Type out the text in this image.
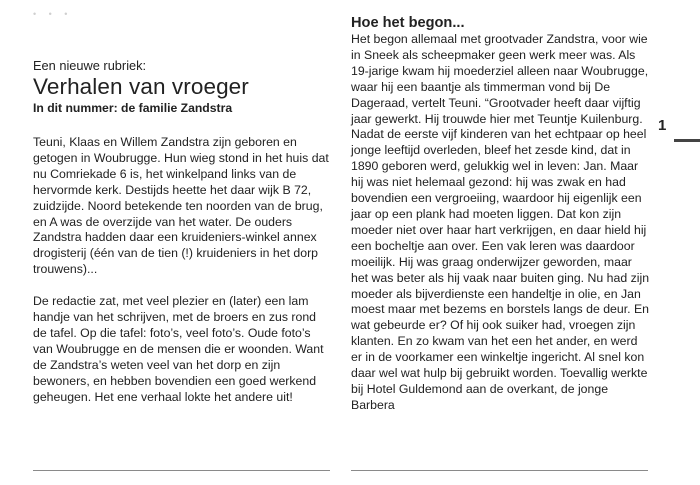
• • •
Een nieuwe rubriek:
Verhalen van vroeger
In dit nummer: de familie Zandstra

Teuni, Klaas en Willem Zandstra zijn geboren en getogen in Woubrugge. Hun wieg stond in het huis dat nu Comriekade 6 is, het winkelpand links van de hervormde kerk. Destijds heette het daar wijk B 72, zuidzijde. Noord betekende ten noorden van de brug, en A was de overzijde van het water. De ouders Zandstra hadden daar een kruideniers-winkel annex drogisterij (één van de tien (!) kruideniers in het dorp trouwens)...

De redactie zat, met veel plezier en (later) een lam handje van het schrijven, met de broers en zus rond de tafel. Op die tafel: foto’s, veel foto’s. Oude foto’s van Woubrugge en de mensen die er woonden. Want de Zandstra’s weten veel van het dorp en zijn bewoners, en hebben bovendien een goed werkend geheugen. Het ene verhaal lokte het andere uit!

Hoe het begon...

Het begon allemaal met grootvader Zandstra, voor wie in Sneek als scheepmaker geen werk meer was. Als 19-jarige kwam hij moederziel alleen naar Woubrugge, waar hij een baantje als timmerman vond bij De Dageraad, vertelt Teuni. “Grootvader heeft daar vijftig jaar gewerkt. Hij trouwde hier met Teuntje Kuilenburg. Nadat de eerste vijf kinderen van het echtpaar op heel jonge leeftijd overleden, bleef het zesde kind, dat in 1890 geboren werd, gelukkig wel in leven: Jan. Maar hij was niet helemaal gezond: hij was zwak en had bovendien een vergroeiing, waardoor hij eigenlijk een jaar op een plank had moeten liggen. Dat kon zijn moeder niet over haar hart verkrijgen, en daar hield hij een bocheltje aan over. Een vak leren was daardoor moeilijk. Hij was graag onderwijzer geworden, maar het was beter als hij vaak naar buiten ging. Nu had zijn moeder als bijverdienste een handeltje in olie, en Jan moest maar met bezems en borstels langs de deur. En wat gebeurde er? Of hij ook suiker had, vroegen zijn klanten. En zo kwam van het een het ander, en werd er in de voorkamer een winkeltje ingericht. Al snel kon daar wel wat hulp bij gebruikt worden. Toevallig werkte bij Hotel Guldemond aan de overkant, de jonge Barbera

1
